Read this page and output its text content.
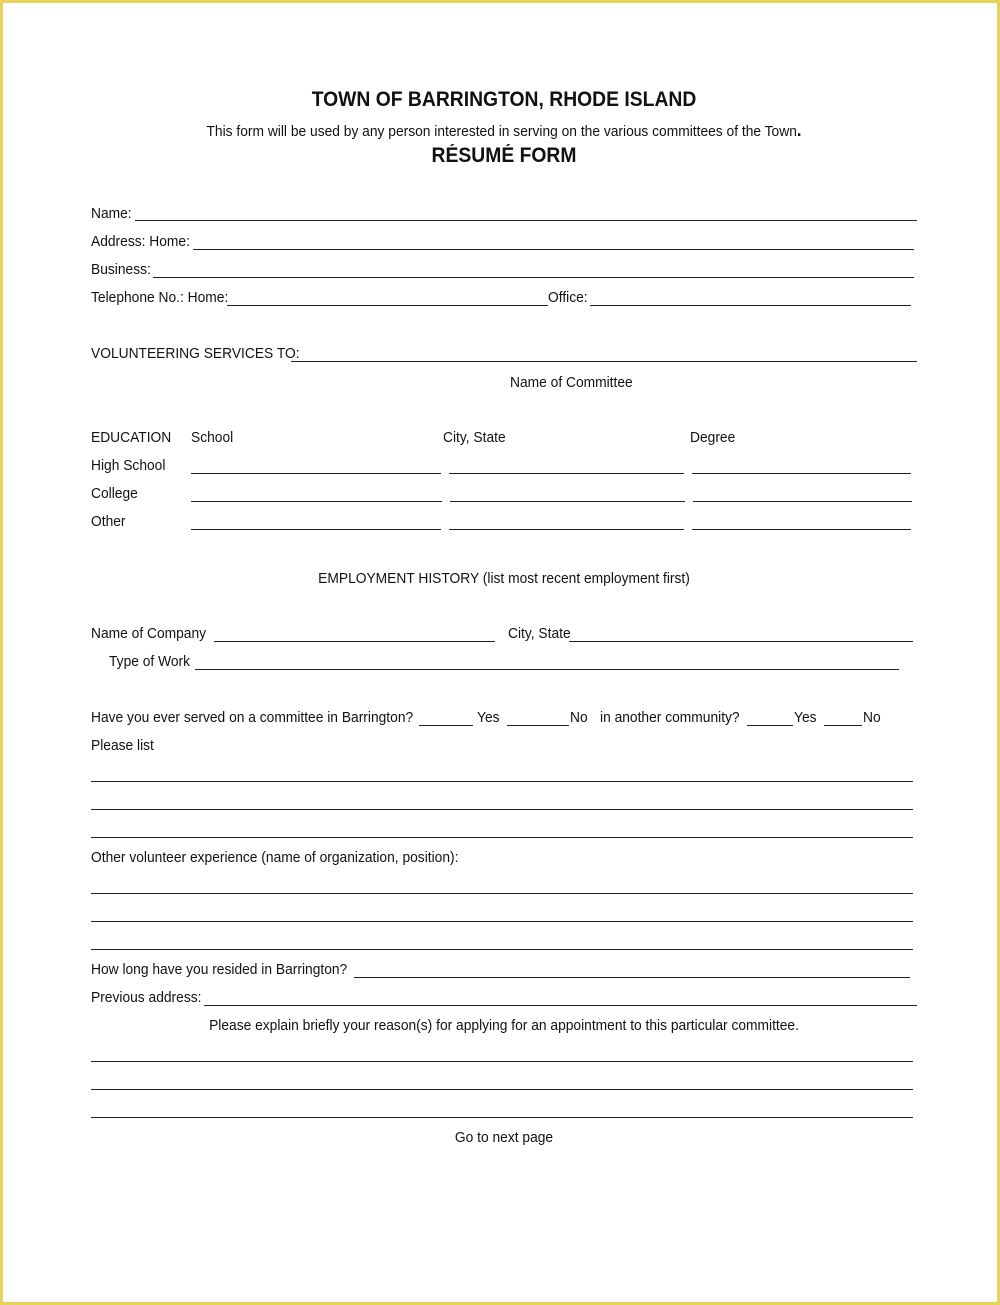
TOWN OF BARRINGTON, RHODE ISLAND
This form will be used by any person interested in serving on the various committees of the Town.
RÉSUMÉ FORM
Name:
Address: Home:
Business:
Telephone No.: Home:	Office:
VOLUNTEERING SERVICES TO:
Name of Committee
EDUCATION School	City, State	Degree
High School
College
Other
EMPLOYMENT HISTORY (list most recent employment first)
Name of Company	City, State
Type of Work
Have you ever served on a committee in Barrington?	Yes	No in another community?	Yes	No
Please list
Other volunteer experience (name of organization, position):
How long have you resided in Barrington?
Previous address:
Please explain briefly your reason(s) for applying for an appointment to this particular committee.
Go to next page
